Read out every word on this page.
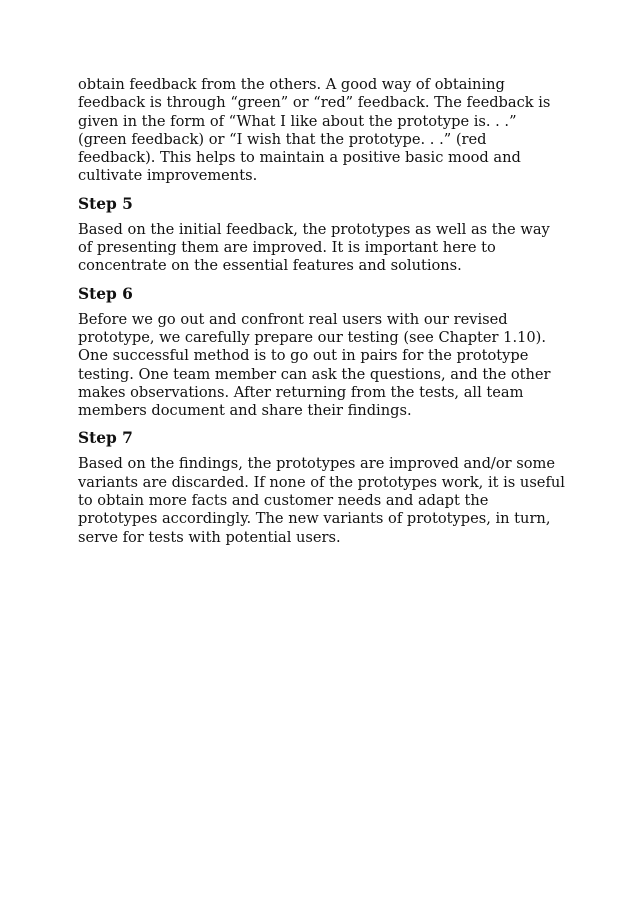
obtain feedback from the others. A good way of obtaining feedback is through “green” or “red” feedback. The feedback is given in the form of “What I like about the prototype is. . .” (green feedback) or “I wish that the prototype. . .” (red feedback). This helps to maintain a positive basic mood and cultivate improvements.

Step 5

Based on the initial feedback, the prototypes as well as the way of presenting them are improved. It is important here to concentrate on the essential features and solutions.

Step 6

Before we go out and confront real users with our revised prototype, we carefully prepare our testing (see Chapter 1.10). One successful method is to go out in pairs for the prototype testing. One team member can ask the questions, and the other makes observations. After returning from the tests, all team members document and share their findings.

Step 7

Based on the findings, the prototypes are improved and/or some variants are discarded. If none of the prototypes work, it is useful to obtain more facts and customer needs and adapt the prototypes accordingly. The new variants of prototypes, in turn, serve for tests with potential users.
